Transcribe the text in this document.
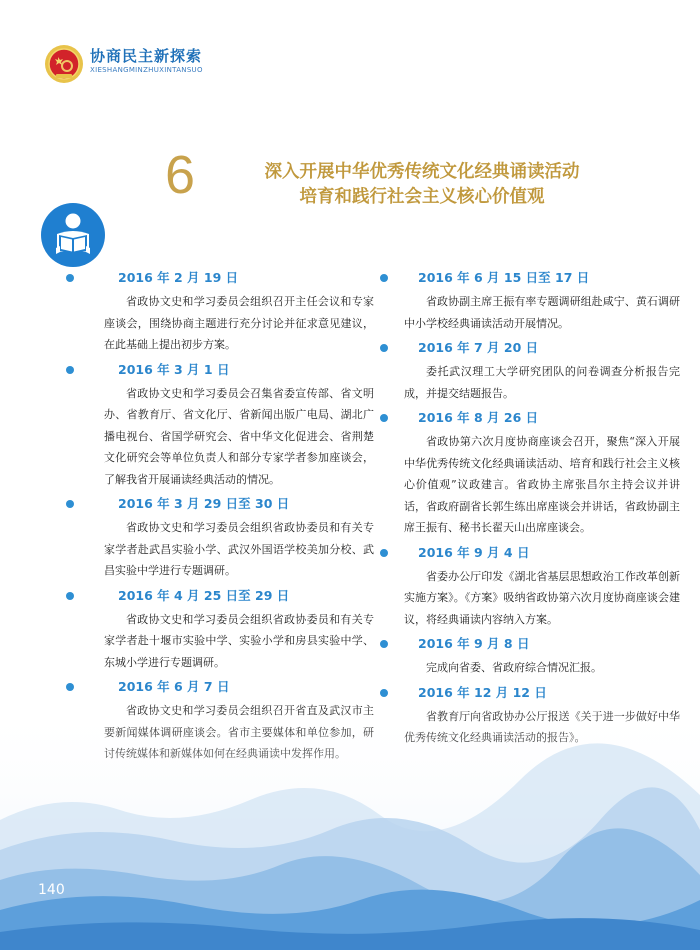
协商民主新探索
XIESHANGMINZHUXINTANSUO
6	深入开展中华优秀传统文化经典诵读活动
培育和践行社会主义核心价值观
2016 年 2 月 19 日
省政协文史和学习委员会组织召开主任会议和专家座谈会，围绕协商主题进行充分讨论并征求意见建议，在此基础上提出初步方案。
2016 年 3 月 1 日
省政协文史和学习委员会召集省委宣传部、省文明办、省教育厅、省文化厅、省新闻出版广电局、湖北广播电视台、省国学研究会、省中华文化促进会、省荆楚文化研究会等单位负责人和部分专家学者参加座谈会，了解我省开展诵读经典活动的情况。
2016 年 3 月 29 日至 30 日
省政协文史和学习委员会组织省政协委员和有关专家学者赴武昌实验小学、武汉外国语学校美加分校、武昌实验中学进行专题调研。
2016 年 4 月 25 日至 29 日
省政协文史和学习委员会组织省政协委员和有关专家学者赴十堰市实验中学、实验小学和房县实验中学、东城小学进行专题调研。
2016 年 6 月 7 日
2016 年 6 月 15 日至 17 日
省政协副主席王振有率专题调研组赴咸宁、黄石调研中小学校经典诵读活动开展情况。
2016 年 7 月 20 日
委托武汉理工大学研究团队的问卷调查分析报告完成，并提交结题报告。
2016 年 8 月 26 日
省政协第六次月度协商座谈会召开，聚焦“深入开展中华优秀传统文化经典诵读活动、培育和践行社会主义核心价值观”议政建言。省政协主席张昌尔主持会议并讲话，省政府副省长郭生练出席座谈会并讲话，省政协副主席王振有、秘书长翟天山出席座谈会。
2016 年 9 月 4 日
省委办公厅印发《湖北省基层思想政治工作改革创新实施方案》。《方案》吸纳省政协第六次月度协商座谈会建议，将经典诵读内容纳入方案。
2016 年 9 月 8 日
完成向省委、省政府综合情况汇报。
2016 年 12 月 12 日
140
